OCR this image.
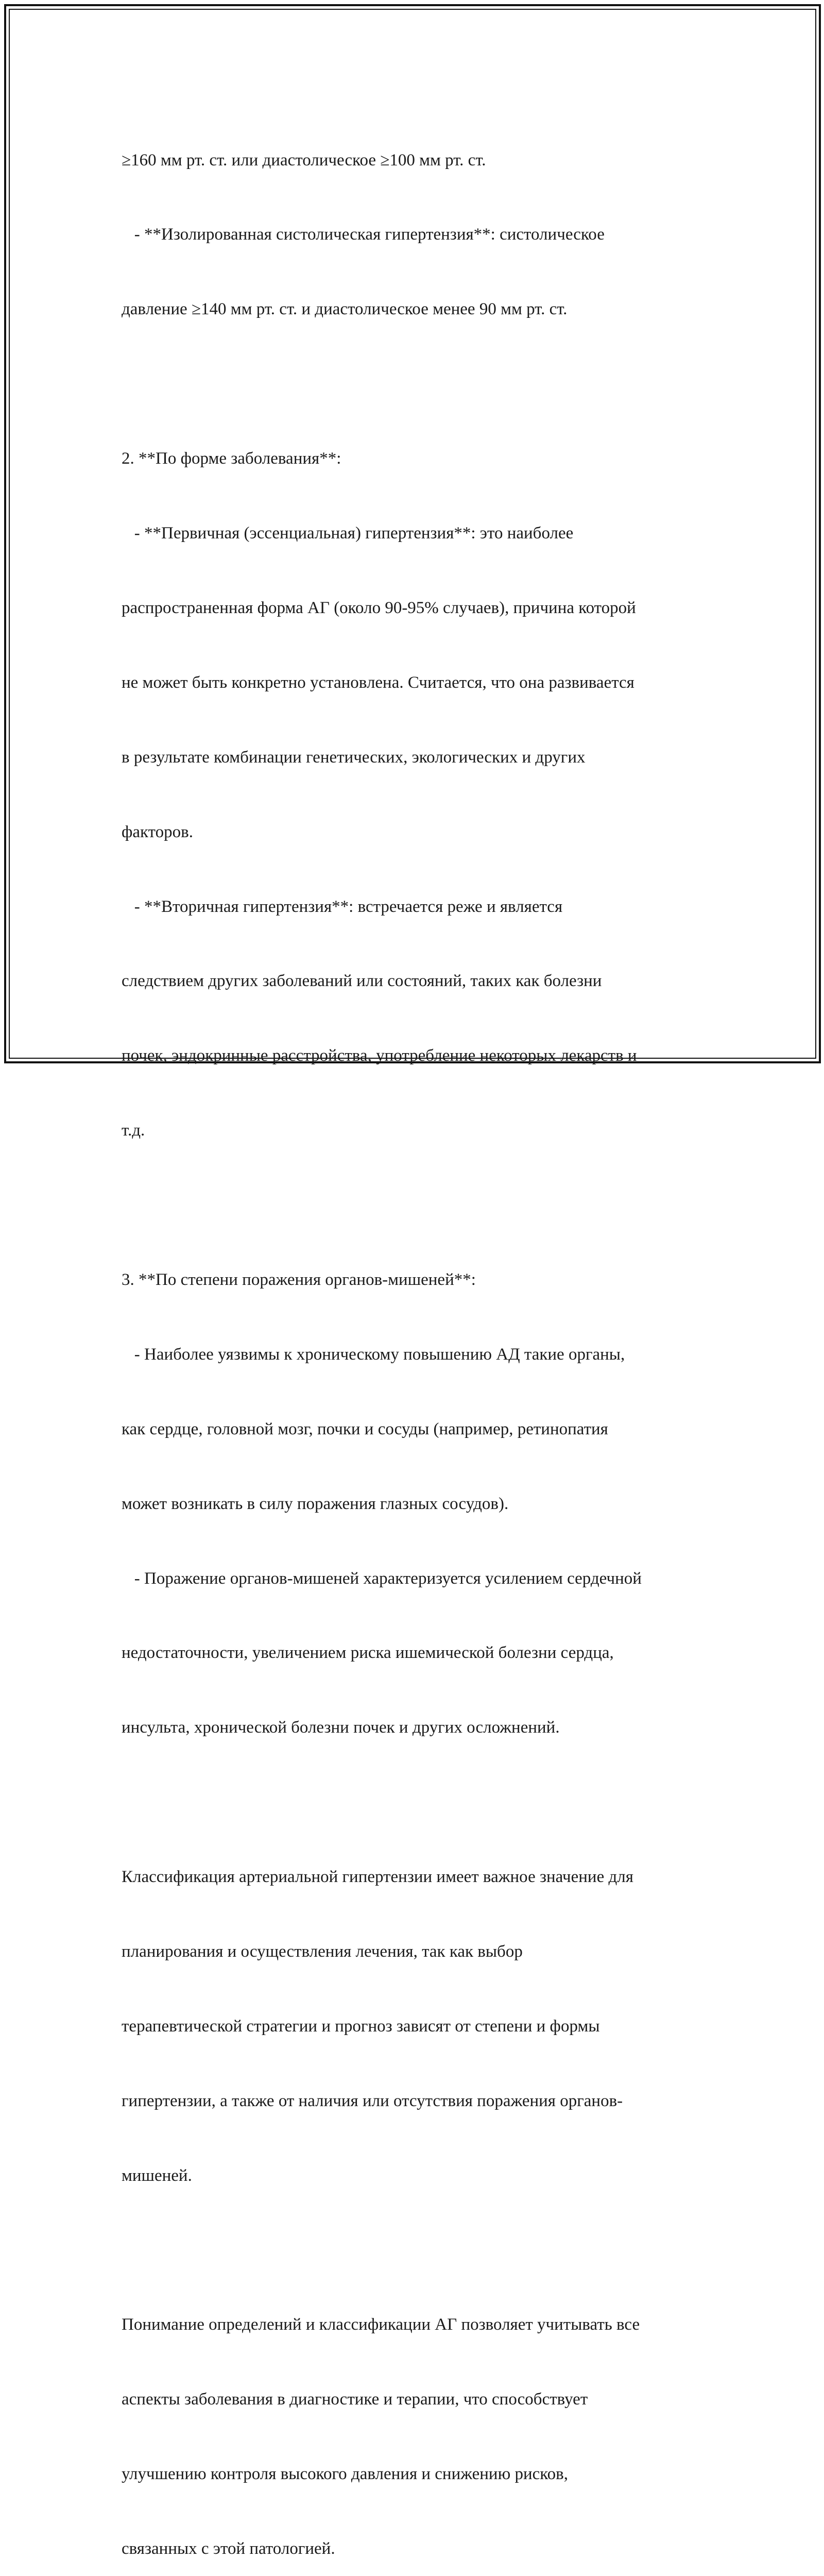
≥160 мм рт. ст. или диастолическое ≥100 мм рт. ст.

- **Изолированная систолическая гипертензия**: систолическое

давление ≥140 мм рт. ст. и диастолическое менее 90 мм рт. ст.

2. **По форме заболевания**:

- **Первичная (эссенциальная) гипертензия**: это наиболее

распространенная форма АГ (около 90-95% случаев), причина которой

не может быть конкретно установлена. Считается, что она развивается

в результате комбинации генетических, экологических и других

факторов.

- **Вторичная гипертензия**: встречается реже и является

следствием других заболеваний или состояний, таких как болезни

почек, эндокринные расстройства, употребление некоторых лекарств и

т.д.

3. **По степени поражения органов-мишеней**:

- Наиболее уязвимы к хроническому повышению АД такие органы,

как сердце, головной мозг, почки и сосуды (например, ретинопатия

может возникать в силу поражения глазных сосудов).

- Поражение органов-мишеней характеризуется усилением сердечной

недостаточности, увеличением риска ишемической болезни сердца,

инсульта, хронической болезни почек и других осложнений.

Классификация артериальной гипертензии имеет важное значение для

планирования и осуществления лечения, так как выбор

терапевтической стратегии и прогноз зависят от степени и формы

гипертензии, а также от наличия или отсутствия поражения органов-

мишеней.

Понимание определений и классификации АГ позволяет учитывать все

аспекты заболевания в диагностике и терапии, что способствует

улучшению контроля высокого давления и снижению рисков,

связанных с этой патологией.
